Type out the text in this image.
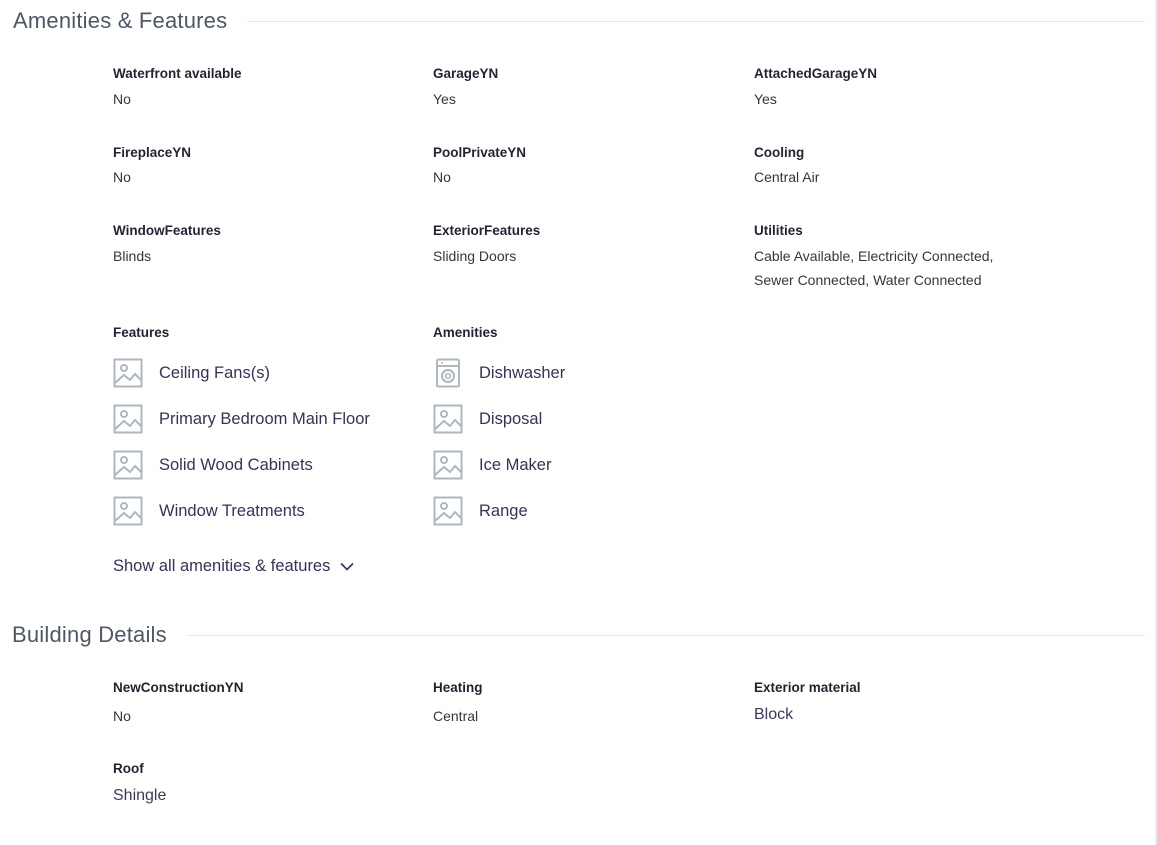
Amenities & Features
Waterfront available
No
GarageYN
Yes
AttachedGarageYN
Yes
FireplaceYN
No
PoolPrivateYN
No
Cooling
Central Air
WindowFeatures
Blinds
ExteriorFeatures
Sliding Doors
Utilities
Cable Available, Electricity Connected,
Sewer Connected, Water Connected
Features
Ceiling Fans(s)
Primary Bedroom Main Floor
Solid Wood Cabinets
Window Treatments
Amenities
Dishwasher
Disposal
Ice Maker
Range
Show all amenities & features
Building Details
NewConstructionYN
No
Heating
Central
Exterior material
Block
Roof
Shingle
